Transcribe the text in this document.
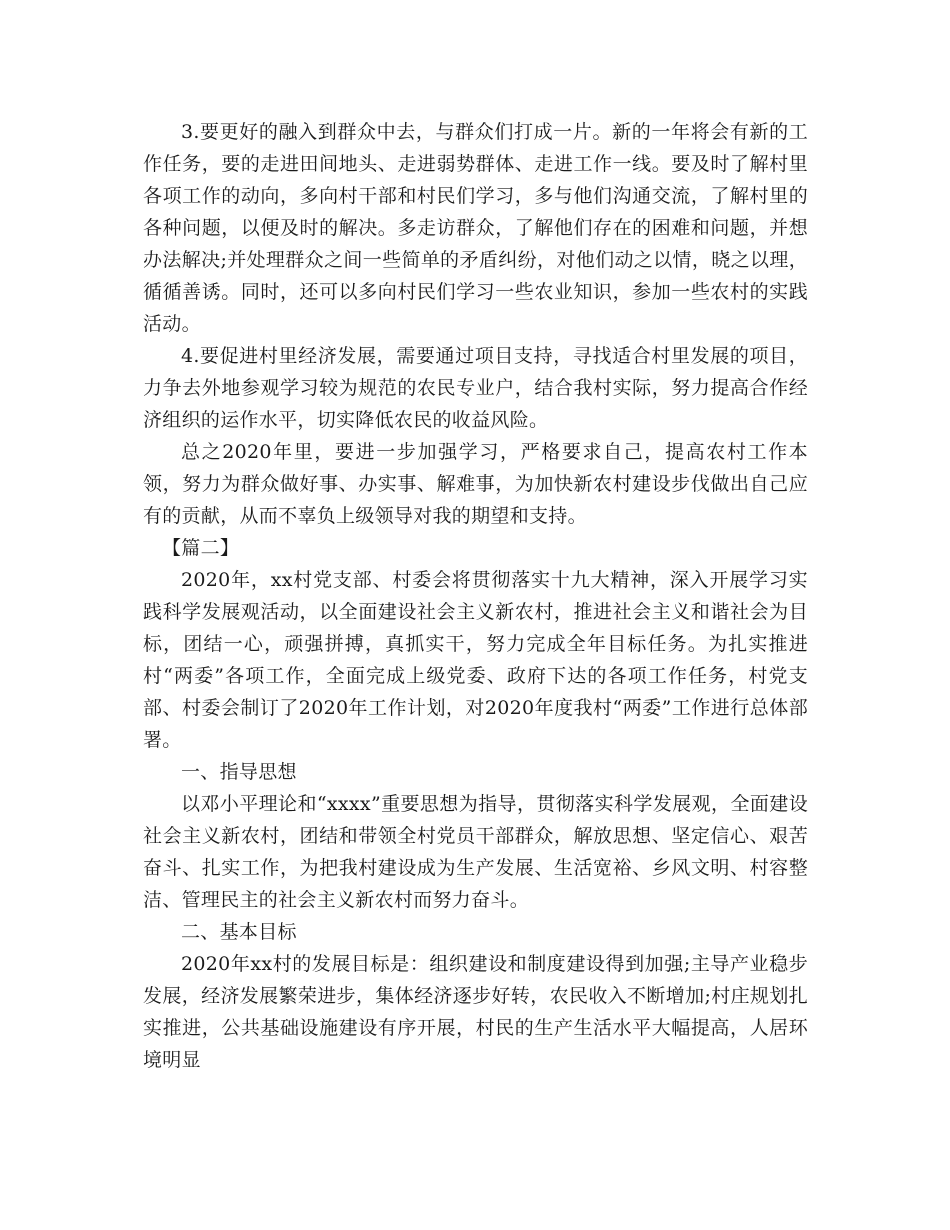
3.要更好的融入到群众中去，与群众们打成一片。新的一年将会有新的工作任务，要的走进田间地头、走进弱势群体、走进工作一线。要及时了解村里各项工作的动向，多向村干部和村民们学习，多与他们沟通交流，了解村里的各种问题，以便及时的解决。多走访群众，了解他们存在的困难和问题，并想办法解决;并处理群众之间一些简单的矛盾纠纷，对他们动之以情，晓之以理，循循善诱。同时，还可以多向村民们学习一些农业知识，参加一些农村的实践活动。

4.要促进村里经济发展，需要通过项目支持，寻找适合村里发展的项目，力争去外地参观学习较为规范的农民专业户，结合我村实际，努力提高合作经济组织的运作水平，切实降低农民的收益风险。

总之2020年里，要进一步加强学习，严格要求自己，提高农村工作本领，努力为群众做好事、办实事、解难事，为加快新农村建设步伐做出自己应有的贡献，从而不辜负上级领导对我的期望和支持。

【篇二】

2020年，xx村党支部、村委会将贯彻落实十九大精神，深入开展学习实践科学发展观活动，以全面建设社会主义新农村，推进社会主义和谐社会为目标，团结一心，顽强拼搏，真抓实干，努力完成全年目标任务。为扎实推进村“两委”各项工作，全面完成上级党委、政府下达的各项工作任务，村党支部、村委会制订了2020年工作计划，对2020年度我村“两委”工作进行总体部署。

一、指导思想

以邓小平理论和“xxxx”重要思想为指导，贯彻落实科学发展观，全面建设社会主义新农村，团结和带领全村党员干部群众，解放思想、坚定信心、艰苦奋斗、扎实工作，为把我村建设成为生产发展、生活宽裕、乡风文明、村容整洁、管理民主的社会主义新农村而努力奋斗。

二、基本目标

2020年xx村的发展目标是：组织建设和制度建设得到加强;主导产业稳步发展，经济发展繁荣进步，集体经济逐步好转，农民收入不断增加;村庄规划扎实推进，公共基础设施建设有序开展，村民的生产生活水平大幅提高，人居环境明显
